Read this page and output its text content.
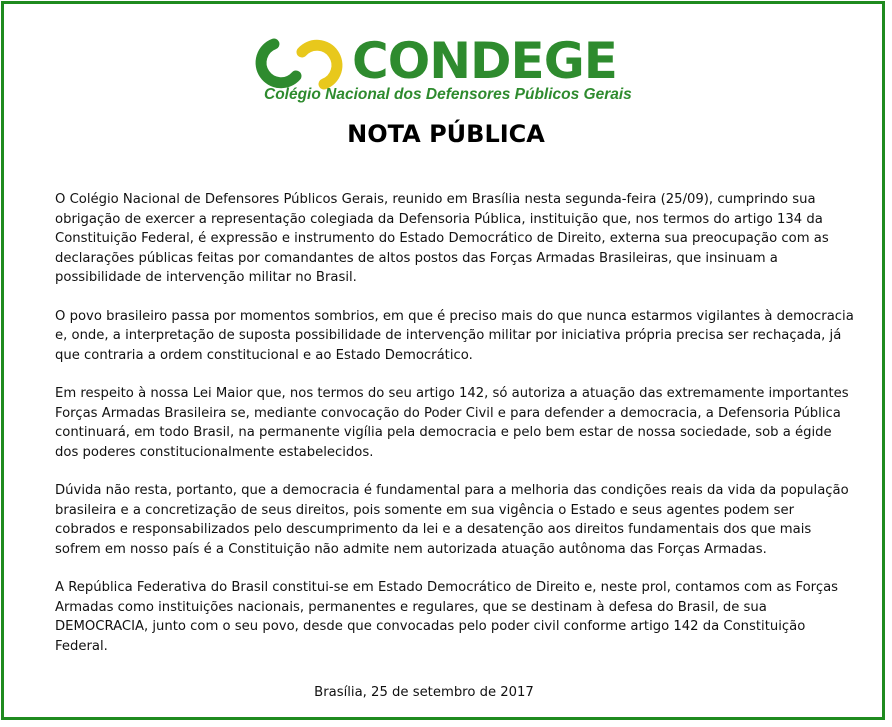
CONDEGE
Colégio Nacional dos Defensores Públicos Gerais
NOTA PÚBLICA

O Colégio Nacional de Defensores Públicos Gerais, reunido em Brasília nesta segunda-feira (25/09), cumprindo sua obrigação de exercer a representação colegiada da Defensoria Pública, instituição que, nos termos do artigo 134 da Constituição Federal, é expressão e instrumento do Estado Democrático de Direito, externa sua preocupação com as declarações públicas feitas por comandantes de altos postos das Forças Armadas Brasileiras, que insinuam a possibilidade de intervenção militar no Brasil.

O povo brasileiro passa por momentos sombrios, em que é preciso mais do que nunca estarmos vigilantes à democracia e, onde, a interpretação de suposta possibilidade de intervenção militar por iniciativa própria precisa ser rechaçada, já que contraria a ordem constitucional e ao Estado Democrático.

Em respeito à nossa Lei Maior que, nos termos do seu artigo 142, só autoriza a atuação das extremamente importantes Forças Armadas Brasileira se, mediante convocação do Poder Civil e para defender a democracia, a Defensoria Pública continuará, em todo Brasil, na permanente vigília pela democracia e pelo bem estar de nossa sociedade, sob a égide dos poderes constitucionalmente estabelecidos.

Dúvida não resta, portanto, que a democracia é fundamental para a melhoria das condições reais da vida da população brasileira e a concretização de seus direitos, pois somente em sua vigência o Estado e seus agentes podem ser cobrados e responsabilizados pelo descumprimento da lei e a desatenção aos direitos fundamentais dos que mais sofrem em nosso país é a Constituição não admite nem autorizada atuação autônoma das Forças Armadas.

A República Federativa do Brasil constitui-se em Estado Democrático de Direito e, neste prol, contamos com as Forças Armadas como instituições nacionais, permanentes e regulares, que se destinam à defesa do Brasil, de sua DEMOCRACIA, junto com o seu povo, desde que convocadas pelo poder civil conforme artigo 142 da Constituição Federal.

Brasília, 25 de setembro de 2017
